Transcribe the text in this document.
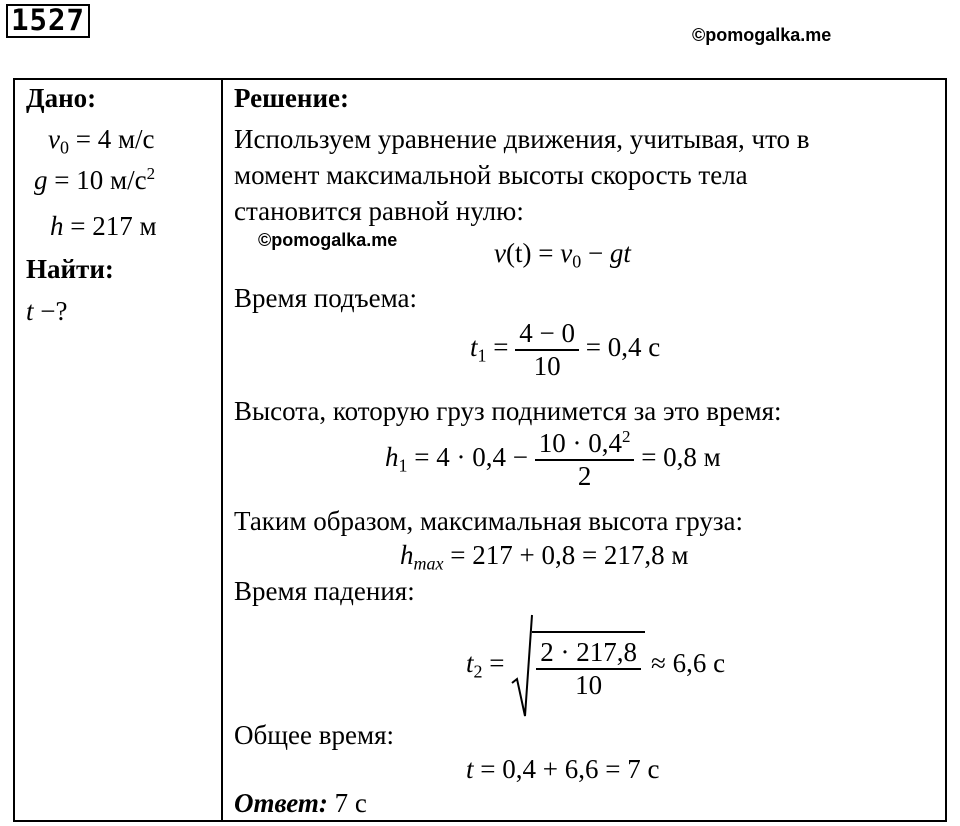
1527	©pomogalka.me
Дано:
$v_0 = 4$ м/с
g = 10 $м/с^2$
h = 217 м
Найти:
t −?
Решение:
Используем уравнение движения, учитывая, что в
момент максимальной высоты скорость тела
становится равной нулю:
©pomogalka.me	$v(t) = v_0$ − gt
Время подъема:
$t_1 = \frac{4 - 0}{10} = 0,4$ с
Высота, которую груз поднимется за это время:
$h_1 = 4 \cdot 0,4 - \frac{10 \cdot 0,4^2}{2} = 0,8$ м
Таким образом, максимальная высота груза:
$h_{max} = 217 + 0,8 = 217,8$ м
Время падения:
$t_2 = \frac{2 \cdot 217,8}{10} \approx 6,6$ с
Общее время:
t = 0,4 + 6,6 = 7 с
Ответ: 7 с
